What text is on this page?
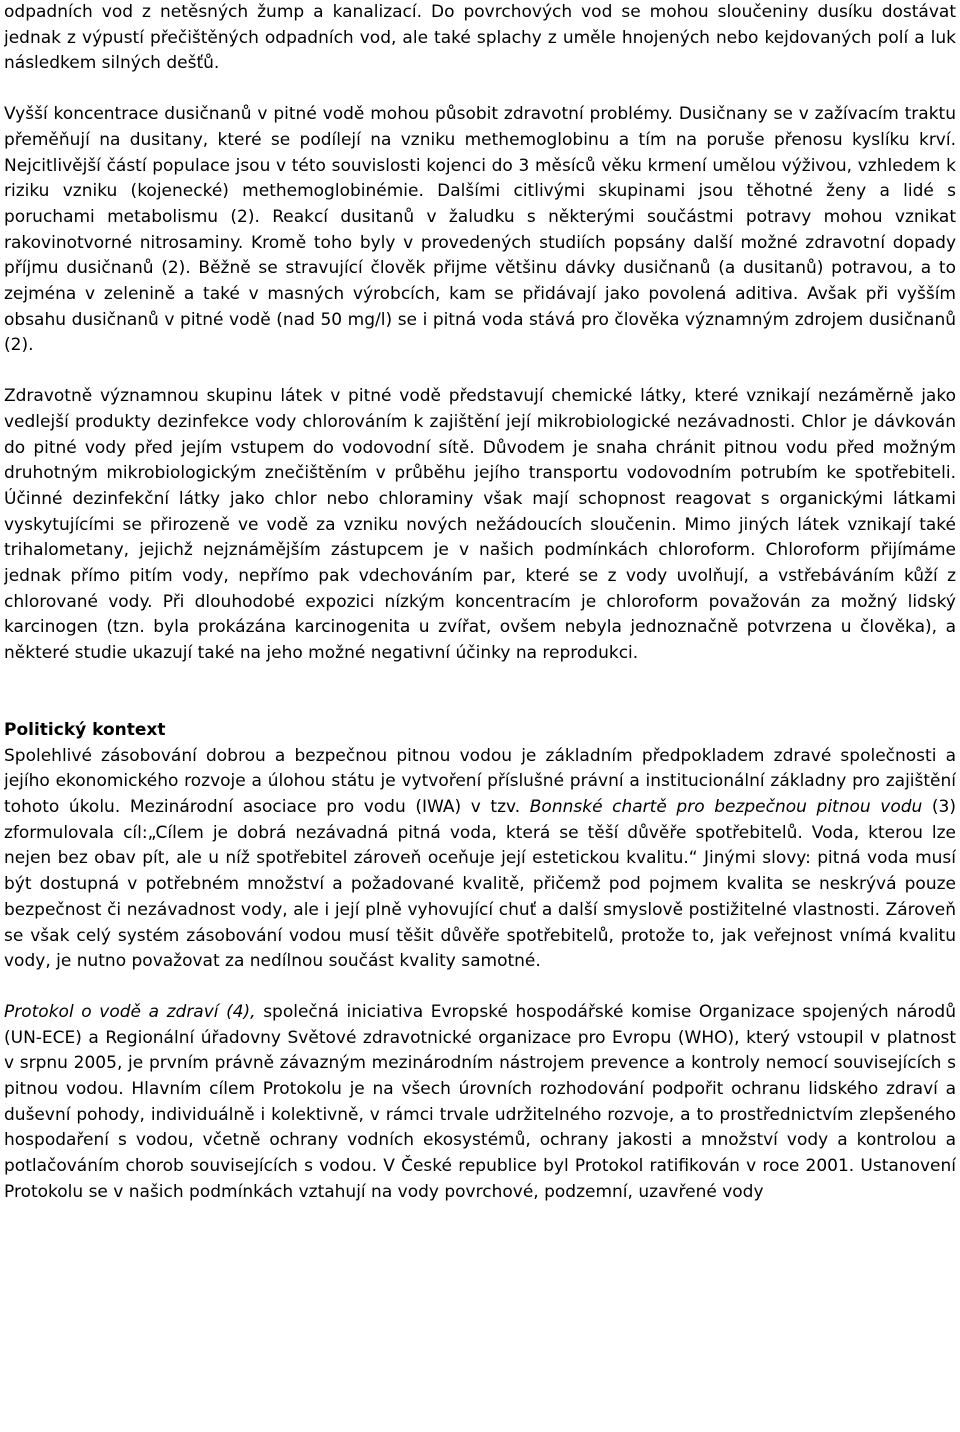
odpadních vod z netěsných žump a kanalizací. Do povrchových vod se mohou sloučeniny dusíku dostávat jednak z výpustí přečištěných odpadních vod, ale také splachy z uměle hnojených nebo kejdovaných polí a luk následkem silných dešťů.

Vyšší koncentrace dusičnanů v pitné vodě mohou působit zdravotní problémy. Dusičnany se v zažívacím traktu přeměňují na dusitany, které se podílejí na vzniku methemoglobinu a tím na poruše přenosu kyslíku krví. Nejcitlivější částí populace jsou v této souvislosti kojenci do 3 měsíců věku krmení umělou výživou, vzhledem k riziku vzniku (kojenecké) methemoglobinémie. Dalšími citlivými skupinami jsou těhotné ženy a lidé s poruchami metabolismu (2). Reakcí dusitanů v žaludku s některými součástmi potravy mohou vznikat rakovinotvorné nitrosaminy. Kromě toho byly v provedených studiích popsány další možné zdravotní dopady příjmu dusičnanů (2). Běžně se stravující člověk přijme většinu dávky dusičnanů (a dusitanů) potravou, a to zejména v zelenině a také v masných výrobcích, kam se přidávají jako povolená aditiva. Avšak při vyšším obsahu dusičnanů v pitné vodě (nad 50 mg/l) se i pitná voda stává pro člověka významným zdrojem dusičnanů (2).

Zdravotně významnou skupinu látek v pitné vodě představují chemické látky, které vznikají nezáměrně jako vedlejší produkty dezinfekce vody chlorováním k zajištění její mikrobiologické nezávadnosti. Chlor je dávkován do pitné vody před jejím vstupem do vodovodní sítě. Důvodem je snaha chránit pitnou vodu před možným druhotným mikrobiologickým znečištěním v průběhu jejího transportu vodovodním potrubím ke spotřebiteli. Účinné dezinfekční látky jako chlor nebo chloraminy však mají schopnost reagovat s organickými látkami vyskytujícími se přirozeně ve vodě za vzniku nových nežádoucích sloučenin. Mimo jiných látek vznikají také trihalometany, jejichž nejznámějším zástupcem je v našich podmínkách chloroform. Chloroform přijímáme jednak přímo pitím vody, nepřímo pak vdechováním par, které se z vody uvolňují, a vstřebáváním kůží z chlorované vody. Při dlouhodobé expozici nízkým koncentracím je chloroform považován za možný lidský karcinogen (tzn. byla prokázána karcinogenita u zvířat, ovšem nebyla jednoznačně potvrzena u člověka), a některé studie ukazují také na jeho možné negativní účinky na reprodukci.

Politický kontext

Spolehlivé zásobování dobrou a bezpečnou pitnou vodou je základním předpokladem zdravé společnosti a jejího ekonomického rozvoje a úlohou státu je vytvoření příslušné právní a institucionální základny pro zajištění tohoto úkolu. Mezinárodní asociace pro vodu (IWA) v tzv. Bonnské chartě pro bezpečnou pitnou vodu (3) zformulovala cíl:„Cílem je dobrá nezávadná pitná voda, která se těší důvěře spotřebitelů. Voda, kterou lze nejen bez obav pít, ale u níž spotřebitel zároveň oceňuje její estetickou kvalitu.“ Jinými slovy: pitná voda musí být dostupná v potřebném množství a požadované kvalitě, přičemž pod pojmem kvalita se neskrývá pouze bezpečnost či nezávadnost vody, ale i její plně vyhovující chuť a další smyslově postižitelné vlastnosti. Zároveň se však celý systém zásobování vodou musí těšit důvěře spotřebitelů, protože to, jak veřejnost vnímá kvalitu vody, je nutno považovat za nedílnou součást kvality samotné.

Protokol o vodě a zdraví (4), společná iniciativa Evropské hospodářské komise Organizace spojených národů (UN-ECE) a Regionální úřadovny Světové zdravotnické organizace pro Evropu (WHO), který vstoupil v platnost v srpnu 2005, je prvním právně závazným mezinárodním nástrojem prevence a kontroly nemocí souvisejících s pitnou vodou. Hlavním cílem Protokolu je na všech úrovních rozhodování podpořit ochranu lidského zdraví a duševní pohody, individuálně i kolektivně, v rámci trvale udržitelného rozvoje, a to prostřednictvím zlepšeného hospodaření s vodou, včetně ochrany vodních ekosystémů, ochrany jakosti a množství vody a kontrolou a potlačováním chorob souvisejících s vodou. V České republice byl Protokol ratifikován v roce 2001. Ustanovení Protokolu se v našich podmínkách vztahují na vody povrchové, podzemní, uzavřené vody
